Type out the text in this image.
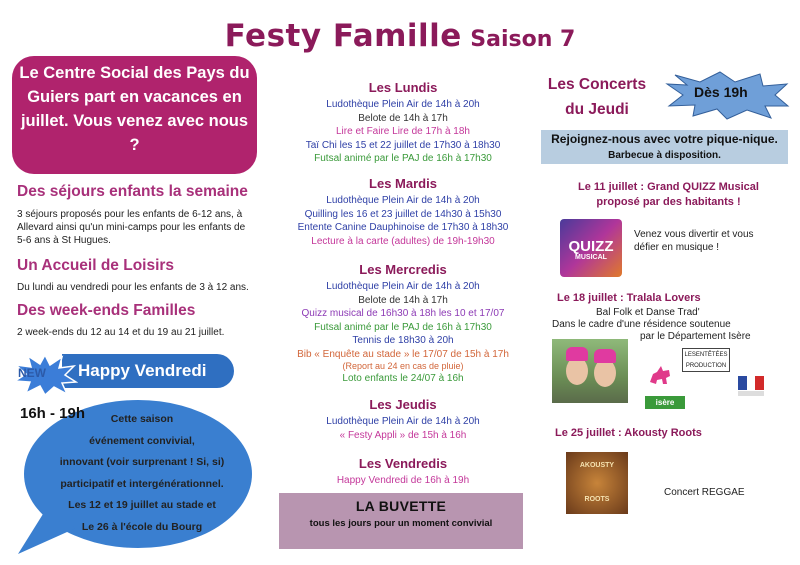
Festy Famille Saison 7
Le Centre Social des Pays du Guiers part en vacances en juillet. Vous venez avec nous ?
Des séjours enfants la semaine
3 séjours proposés pour les enfants de 6-12 ans, à Allevard ainsi qu'un mini-camps pour les enfants de 5-6 ans à St Hugues.
Un Accueil de Loisirs
Du lundi au vendredi pour les enfants de 3 à 12 ans.
Des week-ends Familles
2 week-ends du 12 au 14 et du 19 au 21 juillet.
Happy Vendredi
NEW
16h - 19h	Cette saison
événement convivial,
innovant (voir surprenant ! Si, si)
participatif et intergénérationnel.
Les 12 et 19 juillet au stade et
Le 26 à l'école du Bourg
Les Lundis
Ludothèque Plein Air de 14h à 20h
Belote de 14h à 17h
Lire et Faire Lire de 17h à 18h
Taï Chi les 15 et 22 juillet de 17h30 à 18h30
Futsal animé par le PAJ de 16h à 17h30
Les Mardis
Ludothèque Plein Air de 14h à 20h
Quilling les 16 et 23 juillet de 14h30 à 15h30
Entente Canine Dauphinoise de 17h30 à 18h30
Lecture à la carte (adultes) de 19h-19h30
Les Mercredis
Ludothèque Plein Air de 14h à 20h
Belote de 14h à 17h
Quizz musical de 16h30 à 18h les 10 et 17/07
Futsal animé par le PAJ de 16h à 17h30
Tennis de 18h30 à 20h
Bib « Enquête au stade » le 17/07 de 15h à 17h
(Report au 24 en cas de pluie)
Loto enfants le 24/07 à 16h
Les Jeudis
Ludothèque Plein Air de 14h à 20h
« Festy Appli » de 15h à 16h
Les Vendredis
Happy Vendredi de 16h à 19h
LA BUVETTE
tous les jours pour un moment convivial
Les Concerts du Jeudi
Dès 19h
Rejoignez-nous avec votre pique-nique. Barbecue à disposition.
Le 11 juillet : Grand QUIZZ Musical proposé par des habitants !
QUIZZ
MUSICAL
Venez vous divertir et vous défier en musique !
Le 18 juillet : Tralala Lovers
Bal Folk et Danse Trad'
Dans le cadre d'une résidence soutenue
par le Département Isère
LESENTÊTÉES PRODUCTION
isère
Le 25 juillet : Akousty Roots
AKOUSTY
ROOTS
Concert REGGAE
